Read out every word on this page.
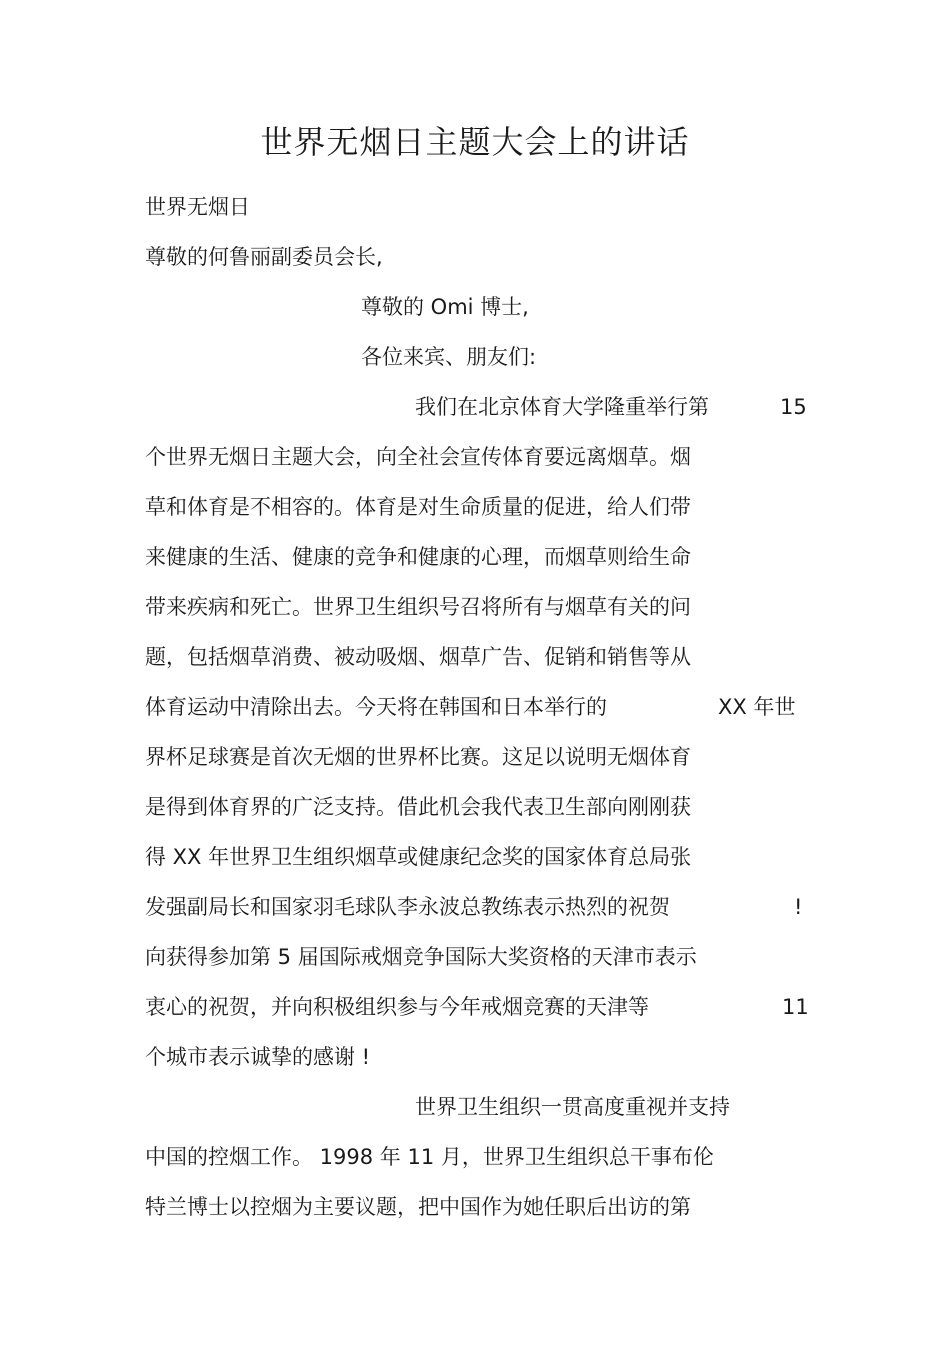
世界无烟日主题大会上的讲话
世界无烟日
尊敬的何鲁丽副委员会长,
尊敬的 Omi 博士,
各位来宾、朋友们:
我们在北京体育大学隆重举行第	15
个世界无烟日主题大会，向全社会宣传体育要远离烟草。烟
草和体育是不相容的。体育是对生命质量的促进，给人们带
来健康的生活、健康的竞争和健康的心理，而烟草则给生命
带来疾病和死亡。世界卫生组织号召将所有与烟草有关的问
题，包括烟草消费、被动吸烟、烟草广告、促销和销售等从
体育运动中清除出去。今天将在韩国和日本举行的	XX 年世
界杯足球赛是首次无烟的世界杯比赛。这足以说明无烟体育
是得到体育界的广泛支持。借此机会我代表卫生部向刚刚获
得 XX 年世界卫生组织烟草或健康纪念奖的国家体育总局张
发强副局长和国家羽毛球队李永波总教练表示热烈的祝贺	!
向获得参加第 5 届国际戒烟竞争国际大奖资格的天津市表示
衷心的祝贺，并向积极组织参与今年戒烟竞赛的天津等	11
个城市表示诚挚的感谢 !
世界卫生组织一贯高度重视并支持
中国的控烟工作。 1998 年 11 月，世界卫生组织总干事布伦
特兰博士以控烟为主要议题，把中国作为她任职后出访的第
